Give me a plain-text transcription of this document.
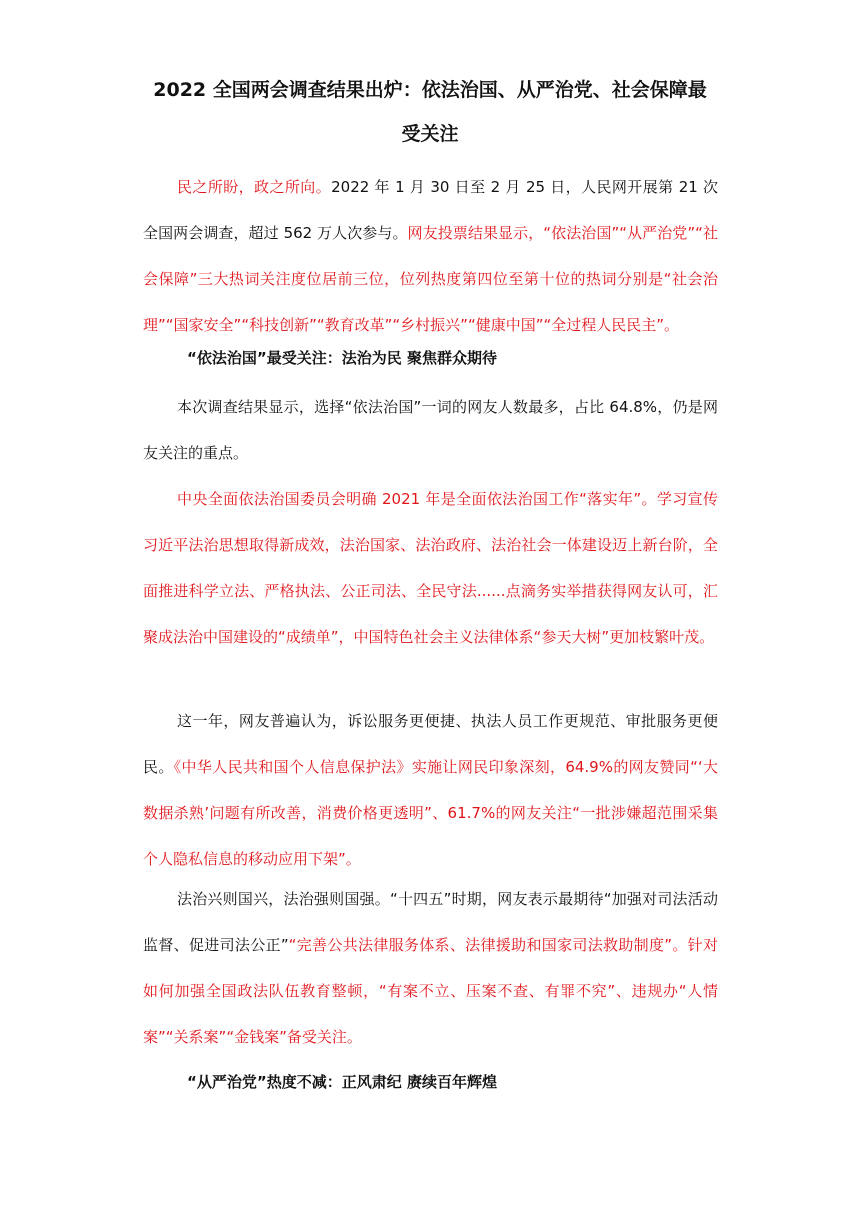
2022 全国两会调查结果出炉：依法治国、从严治党、社会保障最
受关注

民之所盼，政之所向。2022 年 1 月 30 日至 2 月 25 日，人民网开展第 21 次全国两会调查，超过 562 万人次参与。网友投票结果显示，“依法治国”“从严治党”“社会保障”三大热词关注度位居前三位，位列热度第四位至第十位的热词分别是“社会治理”“国家安全”“科技创新”“教育改革”“乡村振兴”“健康中国”“全过程人民民主”。

“依法治国”最受关注：法治为民 聚焦群众期待

本次调查结果显示，选择“依法治国”一词的网友人数最多，占比 64.8%，仍是网友关注的重点。

中央全面依法治国委员会明确 2021 年是全面依法治国工作“落实年”。学习宣传习近平法治思想取得新成效，法治国家、法治政府、法治社会一体建设迈上新台阶，全面推进科学立法、严格执法、公正司法、全民守法......点滴务实举措获得网友认可，汇聚成法治中国建设的“成绩单”，中国特色社会主义法律体系“参天大树”更加枝繁叶茂。

这一年，网友普遍认为，诉讼服务更便捷、执法人员工作更规范、审批服务更便民。《中华人民共和国个人信息保护法》实施让网民印象深刻，64.9%的网友赞同“‘大数据杀熟’问题有所改善，消费价格更透明”、61.7%的网友关注“一批涉嫌超范围采集个人隐私信息的移动应用下架”。

法治兴则国兴，法治强则国强。“十四五”时期，网友表示最期待“加强对司法活动监督、促进司法公正”“完善公共法律服务体系、法律援助和国家司法救助制度”。针对如何加强全国政法队伍教育整顿，“有案不立、压案不查、有罪不究”、违规办“人情案”“关系案”“金钱案”备受关注。

“从严治党”热度不减：正风肃纪 赓续百年辉煌
